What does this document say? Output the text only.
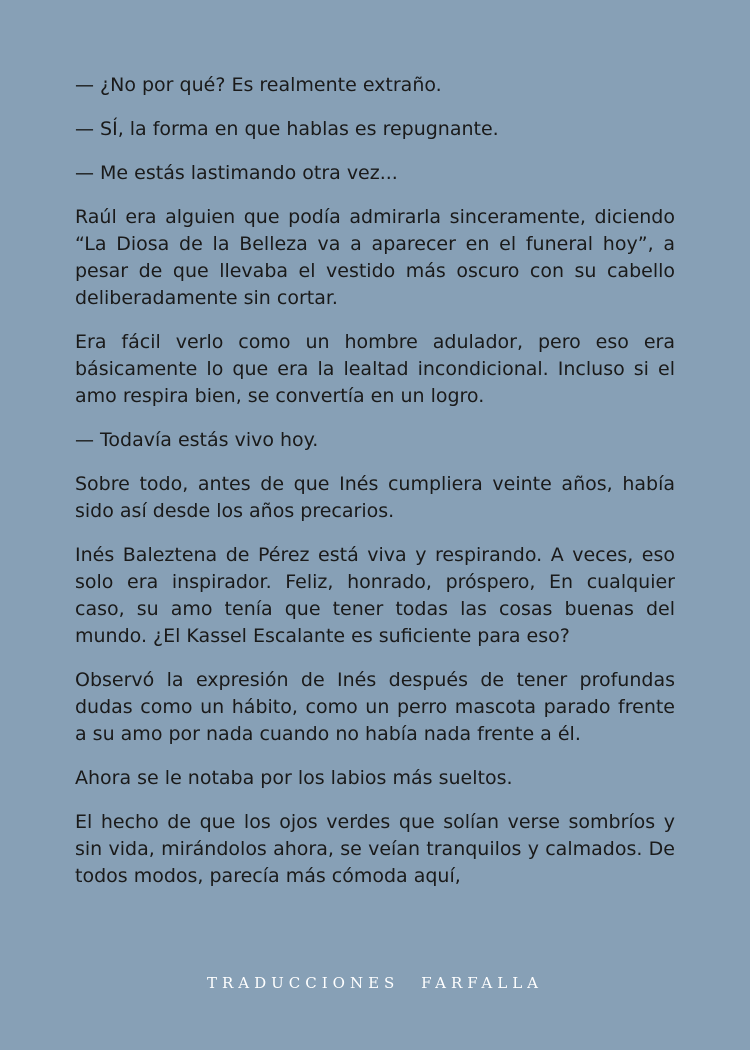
— ¿No por qué? Es realmente extraño.

— SÍ, la forma en que hablas es repugnante.

— Me estás lastimando otra vez...

Raúl era alguien que podía admirarla sinceramente, diciendo “La Diosa de la Belleza va a aparecer en el funeral hoy”, a pesar de que llevaba el vestido más oscuro con su cabello deliberadamente sin cortar.

Era fácil verlo como un hombre adulador, pero eso era básicamente lo que era la lealtad incondicional. Incluso si el amo respira bien, se convertía en un logro.

— Todavía estás vivo hoy.

Sobre todo, antes de que Inés cumpliera veinte años, había sido así desde los años precarios.

Inés Baleztena de Pérez está viva y respirando. A veces, eso solo era inspirador. Feliz, honrado, próspero, En cualquier caso, su amo tenía que tener todas las cosas buenas del mundo. ¿El Kassel Escalante es suficiente para eso?

Observó la expresión de Inés después de tener profundas dudas como un hábito, como un perro mascota parado frente a su amo por nada cuando no había nada frente a él.

Ahora se le notaba por los labios más sueltos.

El hecho de que los ojos verdes que solían verse sombríos y sin vida, mirándolos ahora, se veían tranquilos y calmados. De todos modos, parecía más cómoda aquí,

TRADUCCIONES FARFALLA
